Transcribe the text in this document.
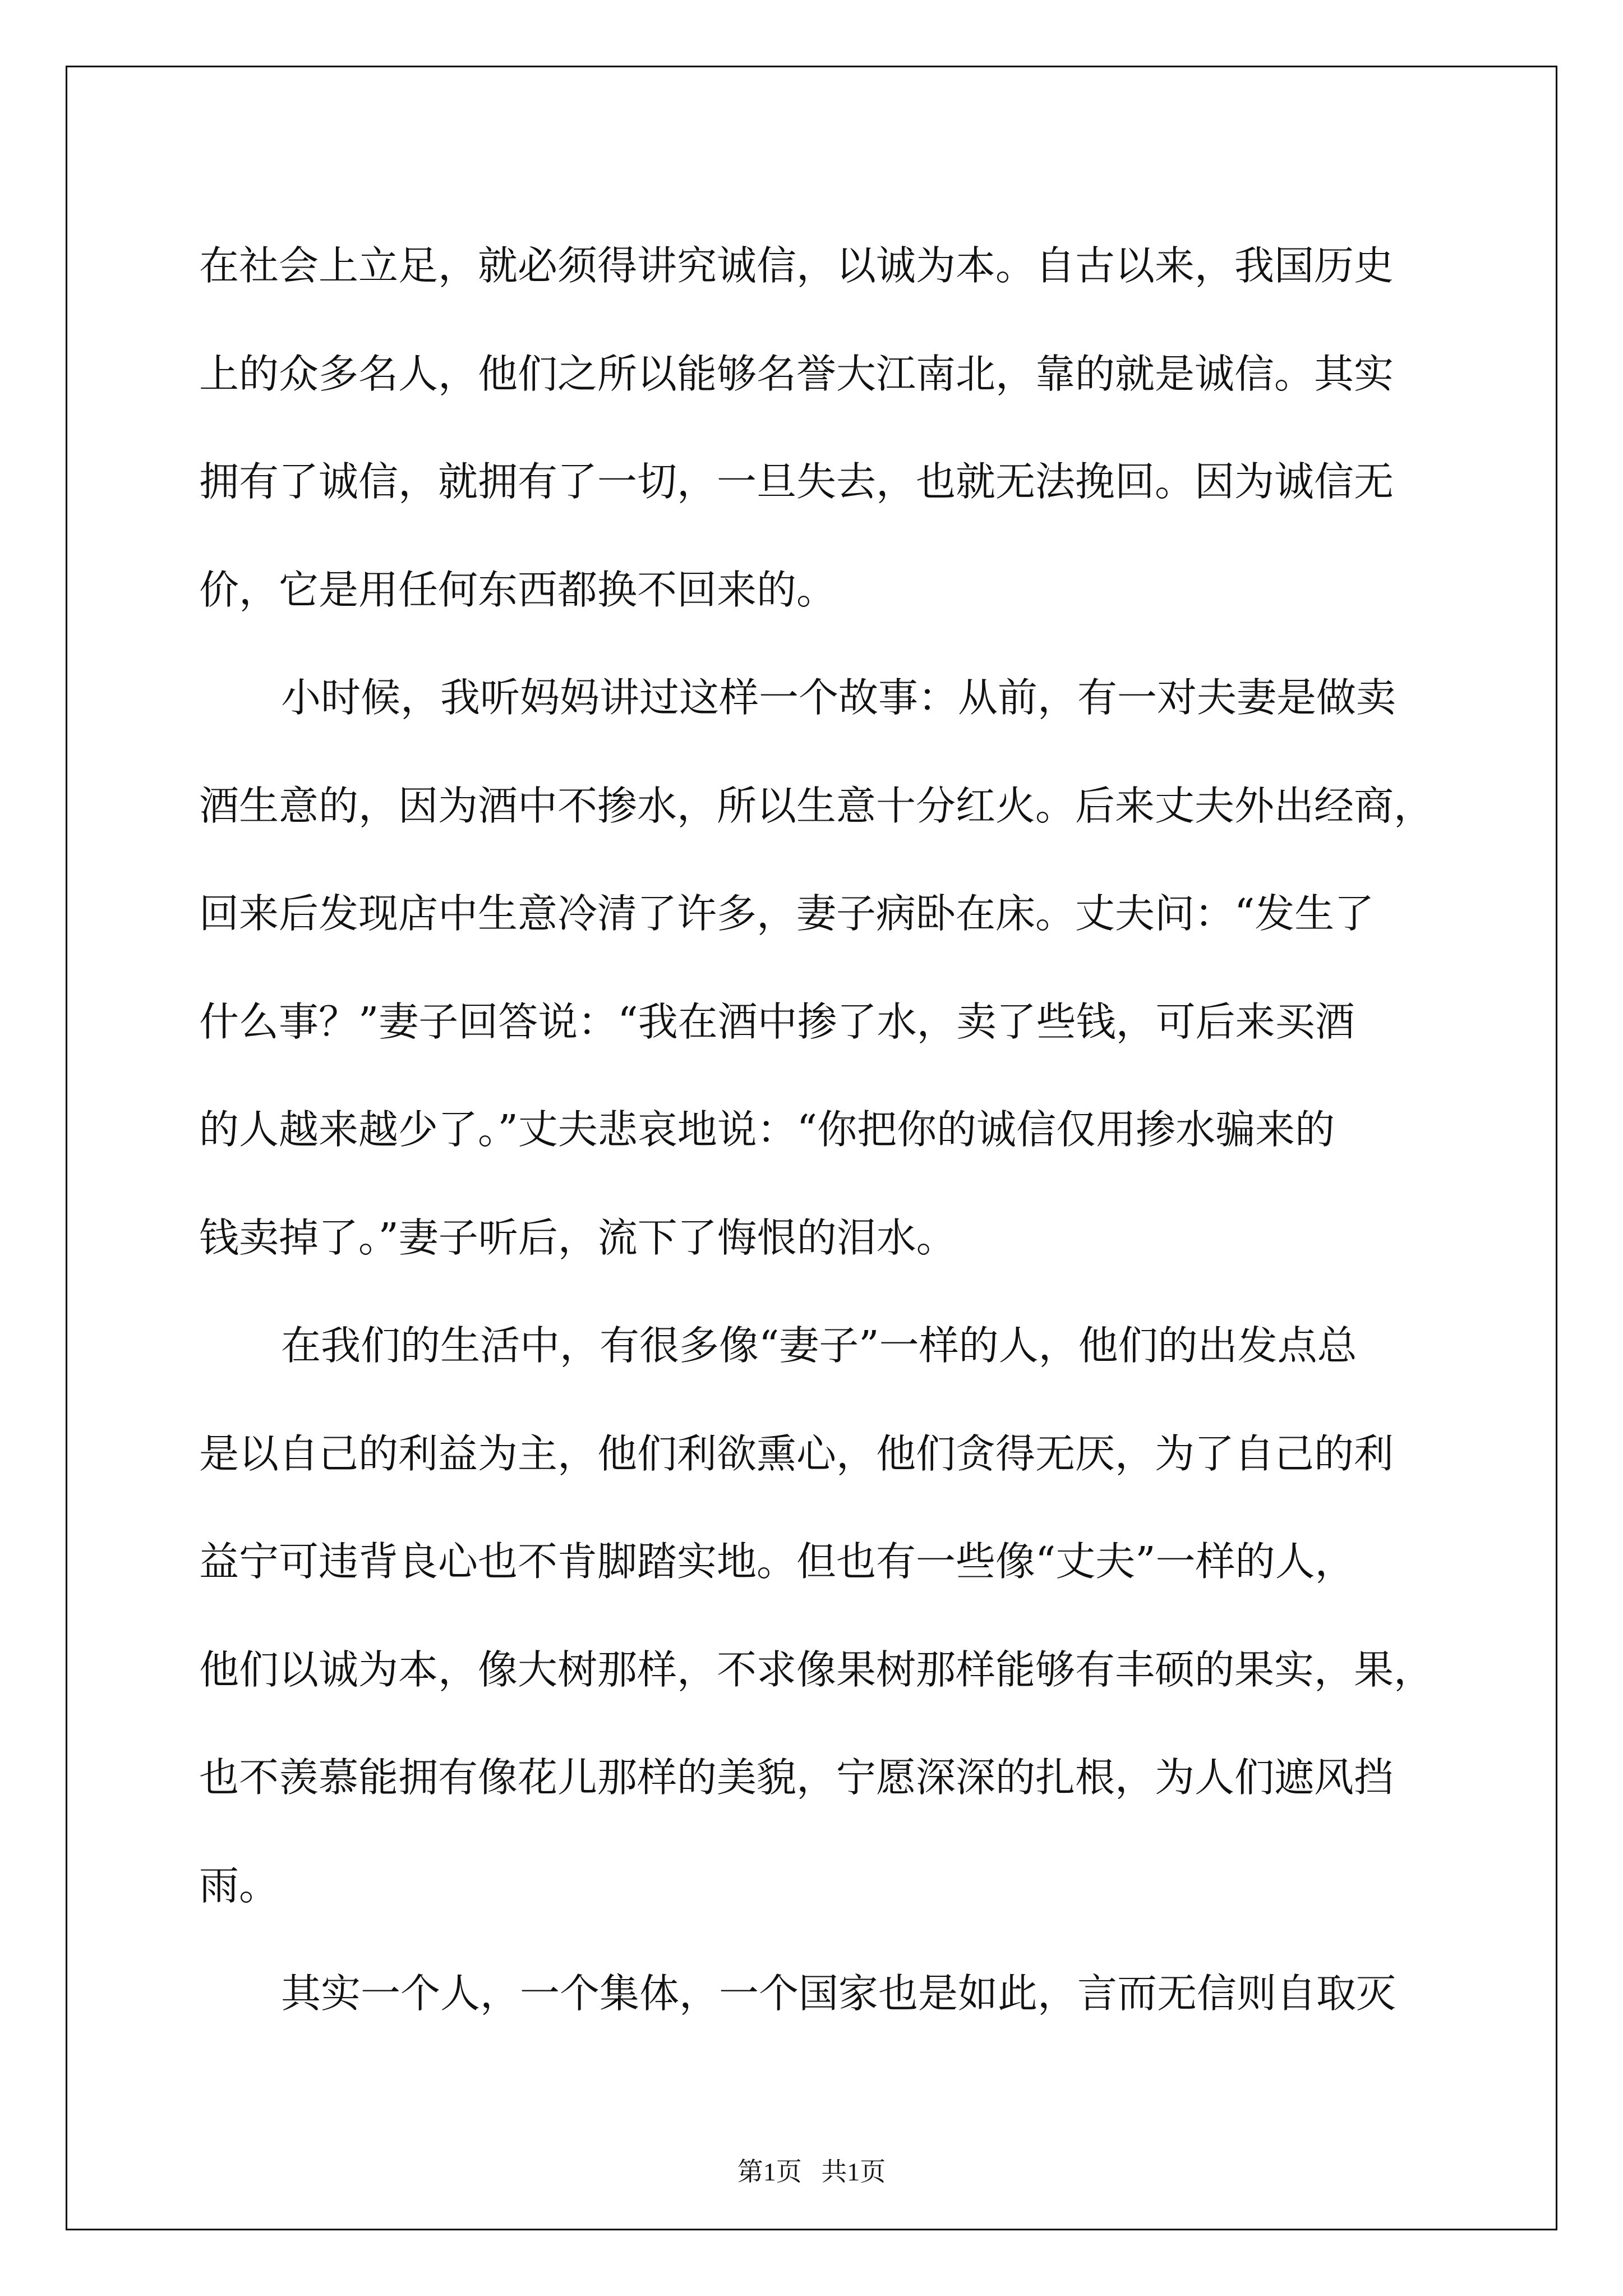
在社会上立足，就必须得讲究诚信，以诚为本。自古以来，我国历史
上的众多名人，他们之所以能够名誉大江南北，靠的就是诚信。其实
拥有了诚信，就拥有了一切，一旦失去，也就无法挽回。因为诚信无
价，它是用任何东西都换不回来的。
小时候，我听妈妈讲过这样一个故事：从前，有一对夫妻是做卖
酒生意的，因为酒中不掺水，所以生意十分红火。后来丈夫外出经商，
回来后发现店中生意冷清了许多，妻子病卧在床。丈夫问：“发生了
什么事？”妻子回答说：“我在酒中掺了水，卖了些钱，可后来买酒
的人越来越少了。”丈夫悲哀地说：“你把你的诚信仅用掺水骗来的
钱卖掉了。”妻子听后，流下了悔恨的泪水。
在我们的生活中，有很多像“妻子”一样的人，他们的出发点总
是以自己的利益为主，他们利欲熏心，他们贪得无厌，为了自己的利
益宁可违背良心也不肯脚踏实地。但也有一些像“丈夫”一样的人，
他们以诚为本，像大树那样，不求像果树那样能够有丰硕的果实，果，
也不羡慕能拥有像花儿那样的美貌，宁愿深深的扎根，为人们遮风挡
雨。
其实一个人，一个集体，一个国家也是如此，言而无信则自取灭
第1页   共1页
